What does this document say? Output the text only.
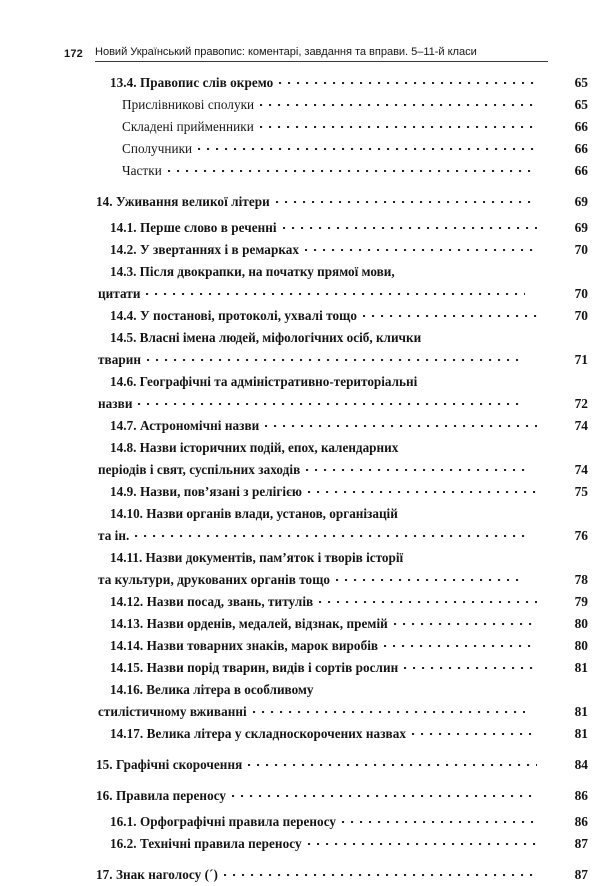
172	Новий Український правопис: коментарі, завдання та вправи. 5–11-й класи
13.4. Правопис слів окремо	65
Прислівникові сполуки	65
Складені прийменники	66
Сполучники	66
Частки	66
14. Уживання великої літери	69
14.1. Перше слово в реченні	69
14.2. У звертаннях і в ремарках	70
14.3. Після двокрапки, на початку прямої мови,
цитати	70
14.4. У постанові, протоколі, ухвалі тощо	70
14.5. Власні імена людей, міфологічних осіб, клички
тварин	71
14.6. Географічні та адміністративно-територіальні
назви	72
14.7. Астрономічні назви	74
14.8. Назви історичних подій, епох, календарних
періодів і свят, суспільних заходів	74
14.9. Назви, пов’язані з релігією	75
14.10. Назви органів влади, установ, організацій
та ін.	76
14.11. Назви документів, пам’яток і творів історії
та культури, друкованих органів тощо	78
14.12. Назви посад, звань, титулів	79
14.13. Назви орденів, медалей, відзнак, премій	80
14.14. Назви товарних знаків, марок виробів	80
14.15. Назви порід тварин, видів і сортів рослин	81
14.16. Велика літера в особливому
стилістичному вживанні	81
14.17. Велика літера у складноскорочених назвах	81
15. Графічні скорочення	84
16. Правила переносу	86
16.1. Орфографічні правила переносу	86
16.2. Технічні правила переносу	87
17. Знак наголосу (´)	87
